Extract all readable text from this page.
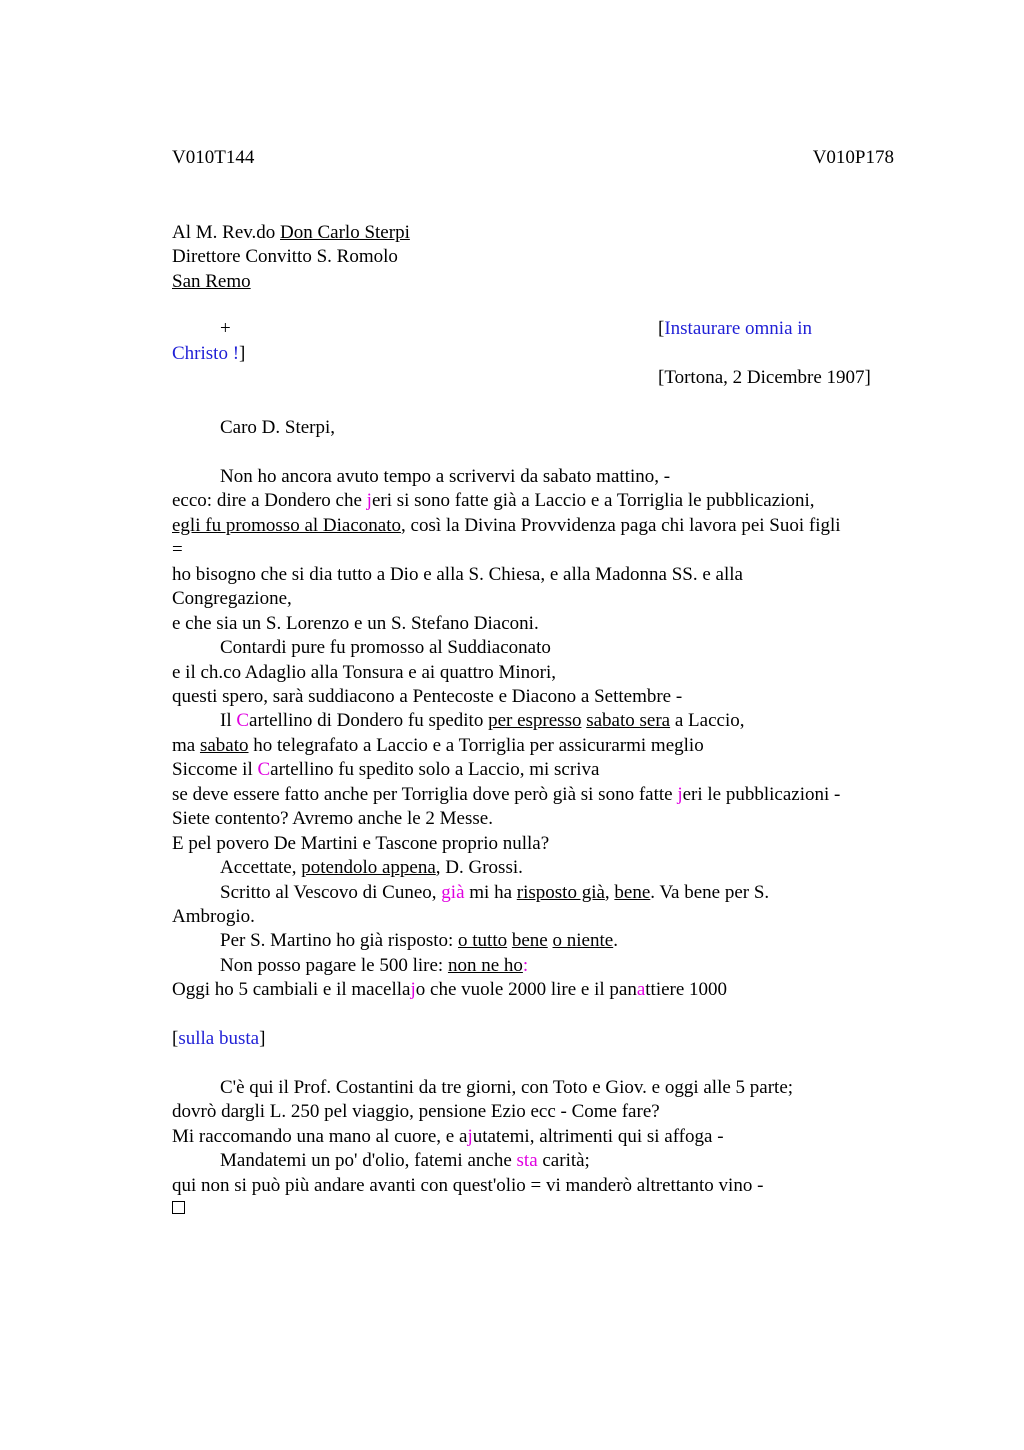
V010T144	V010P178
Al M. Rev.do Don Carlo Sterpi
Direttore Convitto S. Romolo
San Remo
+	[Instaurare omnia in
Christo !]
[Tortona, 2 Dicembre 1907]
Caro D. Sterpi,
Non ho ancora avuto tempo a scrivervi da sabato mattino, -
ecco: dire a Dondero che jeri si sono fatte già a Laccio e a Torriglia le pubblicazioni,
egli fu promosso al Diaconato, così la Divina Provvidenza paga chi lavora pei Suoi figli
=
ho bisogno che si dia tutto a Dio e alla S. Chiesa, e alla Madonna SS. e alla
Congregazione,
e che sia un S. Lorenzo e un S. Stefano Diaconi.
Contardi pure fu promosso al Suddiaconato
e il ch.co Adaglio alla Tonsura e ai quattro Minori,
questi spero, sarà suddiacono a Pentecoste e Diacono a Settembre -
Il Cartellino di Dondero fu spedito per espresso sabato sera a Laccio,
ma sabato ho telegrafato a Laccio e a Torriglia per assicurarmi meglio
Siccome il Cartellino fu spedito solo a Laccio, mi scriva
se deve essere fatto anche per Torriglia dove però già si sono fatte jeri le pubblicazioni -
Siete contento? Avremo anche le 2 Messe.
E pel povero De Martini e Tascone proprio nulla?
Accettate, potendolo appena, D. Grossi.
Scritto al Vescovo di Cuneo, già mi ha risposto già, bene. Va bene per S.
Ambrogio.
Per S. Martino ho già risposto: o tutto bene o niente.
Non posso pagare le 500 lire: non ne ho:
Oggi ho 5 cambiali e il macellajo che vuole 2000 lire e il panattiere 1000
[sulla busta]
C'è qui il Prof. Costantini da tre giorni, con Toto e Giov. e oggi alle 5 parte;
dovrò dargli L. 250 pel viaggio, pensione Ezio ecc - Come fare?
Mi raccomando una mano al cuore, e ajutatemi, altrimenti qui si affoga -
Mandatemi un po' d'olio, fatemi anche sta carità;
qui non si può più andare avanti con quest'olio = vi manderò altrettanto vino -
